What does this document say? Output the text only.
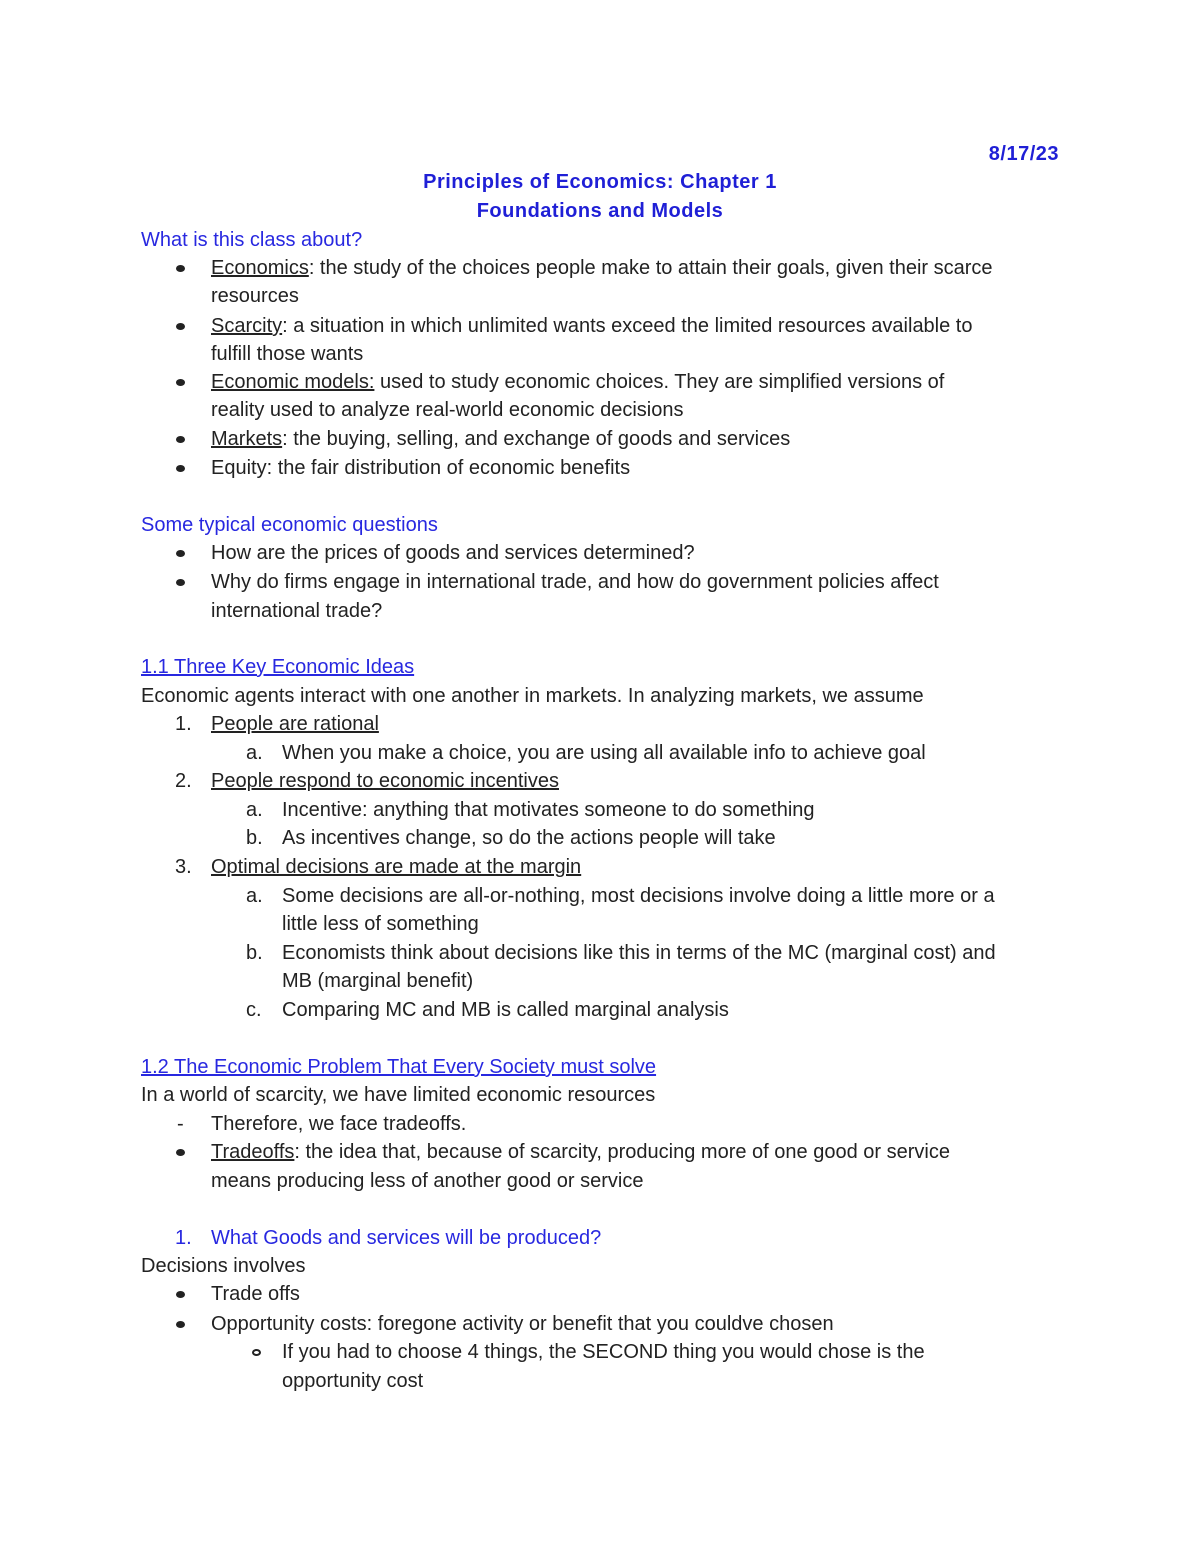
8/17/23
Principles of Economics: Chapter 1
Foundations and Models
What is this class about?
Economics: the study of the choices people make to attain their goals, given their scarce
resources
Scarcity: a situation in which unlimited wants exceed the limited resources available to
fulfill those wants
Economic models: used to study economic choices. They are simplified versions of
reality used to analyze real-world economic decisions
Markets: the buying, selling, and exchange of goods and services
Equity: the fair distribution of economic benefits
Some typical economic questions
How are the prices of goods and services determined?
Why do firms engage in international trade, and how do government policies affect
international trade?
1.1 Three Key Economic Ideas
Economic agents interact with one another in markets. In analyzing markets, we assume
1. People are rational
a. When you make a choice, you are using all available info to achieve goal
2. People respond to economic incentives
a. Incentive: anything that motivates someone to do something
b. As incentives change, so do the actions people will take
3. Optimal decisions are made at the margin
a. Some decisions are all-or-nothing, most decisions involve doing a little more or a
little less of something
b. Economists think about decisions like this in terms of the MC (marginal cost) and
MB (marginal benefit)
c. Comparing MC and MB is called marginal analysis
1.2 The Economic Problem That Every Society must solve
In a world of scarcity, we have limited economic resources
- Therefore, we face tradeoffs.
Tradeoffs: the idea that, because of scarcity, producing more of one good or service
means producing less of another good or service
1. What Goods and services will be produced?
Decisions involves
Trade offs
Opportunity costs: foregone activity or benefit that you couldve chosen
If you had to choose 4 things, the SECOND thing you would chose is the
opportunity cost
